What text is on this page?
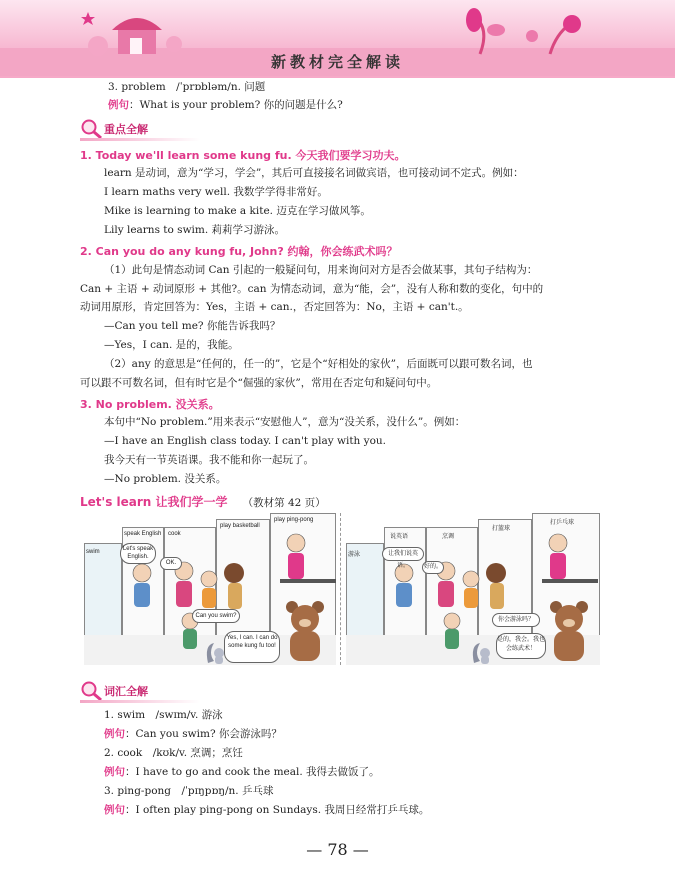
新教材完全解读
3. problem　/ˈprɒbləm/n. 问题
例句：What is your problem? 你的问题是什么?
重点全解
1. Today we'll learn some kung fu. 今天我们要学习功夫。
learn 是动词，意为“学习，学会”，其后可直接接名词做宾语，也可接动词不定式。例如：
I learn maths very well. 我数学学得非常好。
Mike is learning to make a kite. 迈克在学习做风筝。
Lily learns to swim. 莉莉学习游泳。
2. Can you do any kung fu, John? 约翰，你会练武术吗？
（1）此句是情态动词 Can 引起的一般疑问句，用来询问对方是否会做某事，其句子结构为：
Can + 主语 + 动词原形 + 其他?。can 为情态动词，意为“能，会”，没有人称和数的变化，句中的
动词用原形，肯定回答为：Yes，主语 + can.，否定回答为：No，主语 + can't.。
—Can you tell me? 你能告诉我吗？
—Yes，I can. 是的，我能。
（2）any 的意思是“任何的，任一的”，它是个“好相处的家伙”，后面既可以跟可数名词，也
可以跟不可数名词，但有时它是个“倔强的家伙”，常用在否定句和疑问句中。
3. No problem. 没关系。
本句中“No problem.”用来表示“安慰他人”，意为“没关系，没什么”。例如：
—I have an English class today. I can't play with you.
我今天有一节英语课。我不能和你一起玩了。
—No problem. 没关系。
Let's learn 让我们学一学 （教材第 42 页）
swim
speak English cook
play basketball
play ping-pong
Let's speak English.
OK.
Can you swim?
Yes, I can. I can do some kung fu too!
说英语
游泳
烹调
打篮球
打乒乓球
让我们说英语。	好的。
你会游泳吗？
是的，我会。我也会练武术！
词汇全解
1. swim　/swɪm/v. 游泳
例句：Can you swim? 你会游泳吗？
2. cook　/kʊk/v. 烹调；烹饪
例句：I have to go and cook the meal. 我得去做饭了。
3. ping-pong　/ˈpɪŋpɒŋ/n. 乒乓球
例句：I often play ping-pong on Sundays. 我周日经常打乒乓球。
— 78 —
